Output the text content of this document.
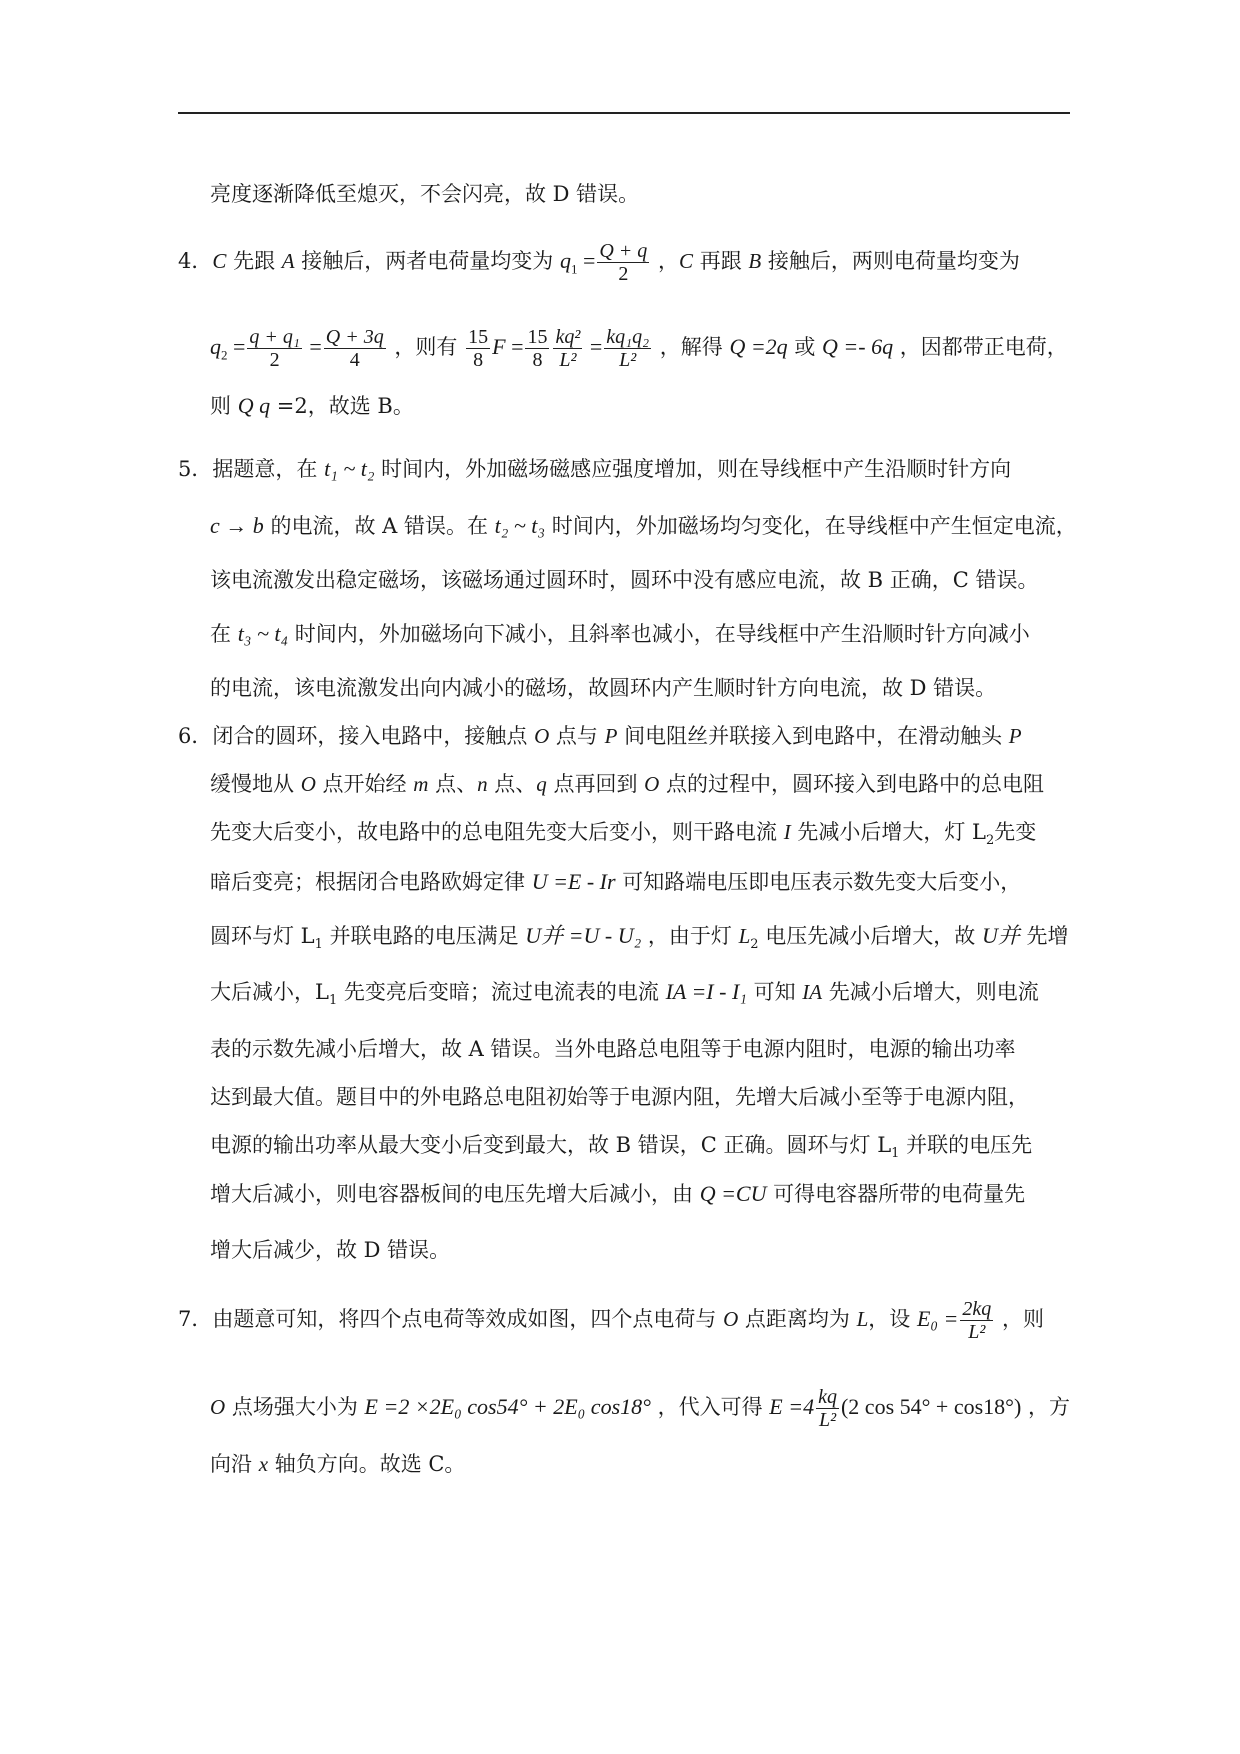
亮度逐渐降低至熄灭，不会闪亮，故 D 错误。
4．C 先跟 A 接触后，两者电荷量均变为 $q_1 = \frac{Q + q}{2}$ ，C 再跟 B 接触后，两则电荷量均变为
$q_2 = \frac{\text{q + q₁}}{2} = \frac{Q + 3q}{4}$ ，则有 $\frac{15}{8}$ $F = \frac{15}{8} \frac{\text{kq²}}{\text{L²}} = \frac{\text{kq₁q₂}}{\text{L²}}$ ，解得 Q =2q 或 Q =- 6q ，因都带正电荷，
则 Q q =2，故选 B。
5．据题意，在 t₁ ~ t₂ 时间内，外加磁场磁感应强度增加，则在导线框中产生沿顺时针方向
c → b 的电流，故 A 错误。在 t₂ ~ t₃ 时间内，外加磁场均匀变化，在导线框中产生恒定电流，
该电流激发出稳定磁场，该磁场通过圆环时，圆环中没有感应电流，故 B 正确，C 错误。
在 t₃ ~ t₄ 时间内，外加磁场向下减小，且斜率也减小，在导线框中产生沿顺时针方向减小
的电流，该电流激发出向内减小的磁场，故圆环内产生顺时针方向电流，故 D 错误。
6．闭合的圆环，接入电路中，接触点 O 点与 P 间电阻丝并联接入到电路中，在滑动触头 P
缓慢地从 O 点开始经 m 点、n 点、q 点再回到 O 点的过程中，圆环接入到电路中的总电阻
先变大后变小，故电路中的总电阻先变大后变小，则干路电流 I 先减小后增大，灯 $L_2$先变
暗后变亮；根据闭合电路欧姆定律 U =E - Ir 可知路端电压即电压表示数先变大后变小，
圆环与灯 $L_1$ 并联电路的电压满足 U并 =U - U₂ ，由于灯 $L_2$ 电压先减小后增大，故 U并 先增
大后减小，$L_1$ 先变亮后变暗；流过电流表的电流 IA =I - I₁ 可知 IA 先减小后增大，则电流
表的示数先减小后增大，故 A 错误。当外电路总电阻等于电源内阻时，电源的输出功率
达到最大值。题目中的外电路总电阻初始等于电源内阻，先增大后减小至等于电源内阻，
电源的输出功率从最大变小后变到最大，故 B 错误，C 正确。圆环与灯 $L_1$ 并联的电压先
增大后减小，则电容器板间的电压先增大后减小，由 Q =CU 可得电容器所带的电荷量先
增大后减少，故 D 错误。
7．由题意可知，将四个点电荷等效成如图，四个点电荷与 O 点距离均为 L，设 $E_0 = \frac{2kq}{\text{L²}}$ ，则
O 点场强大小为 E =2 ×2E₀ cos54° + 2E₀ cos18° ，代入可得 $E =4 \frac{kq}{\text{L²}}(2$ cos 54° + cos18°) ，方
向沿 x 轴负方向。故选 C。
